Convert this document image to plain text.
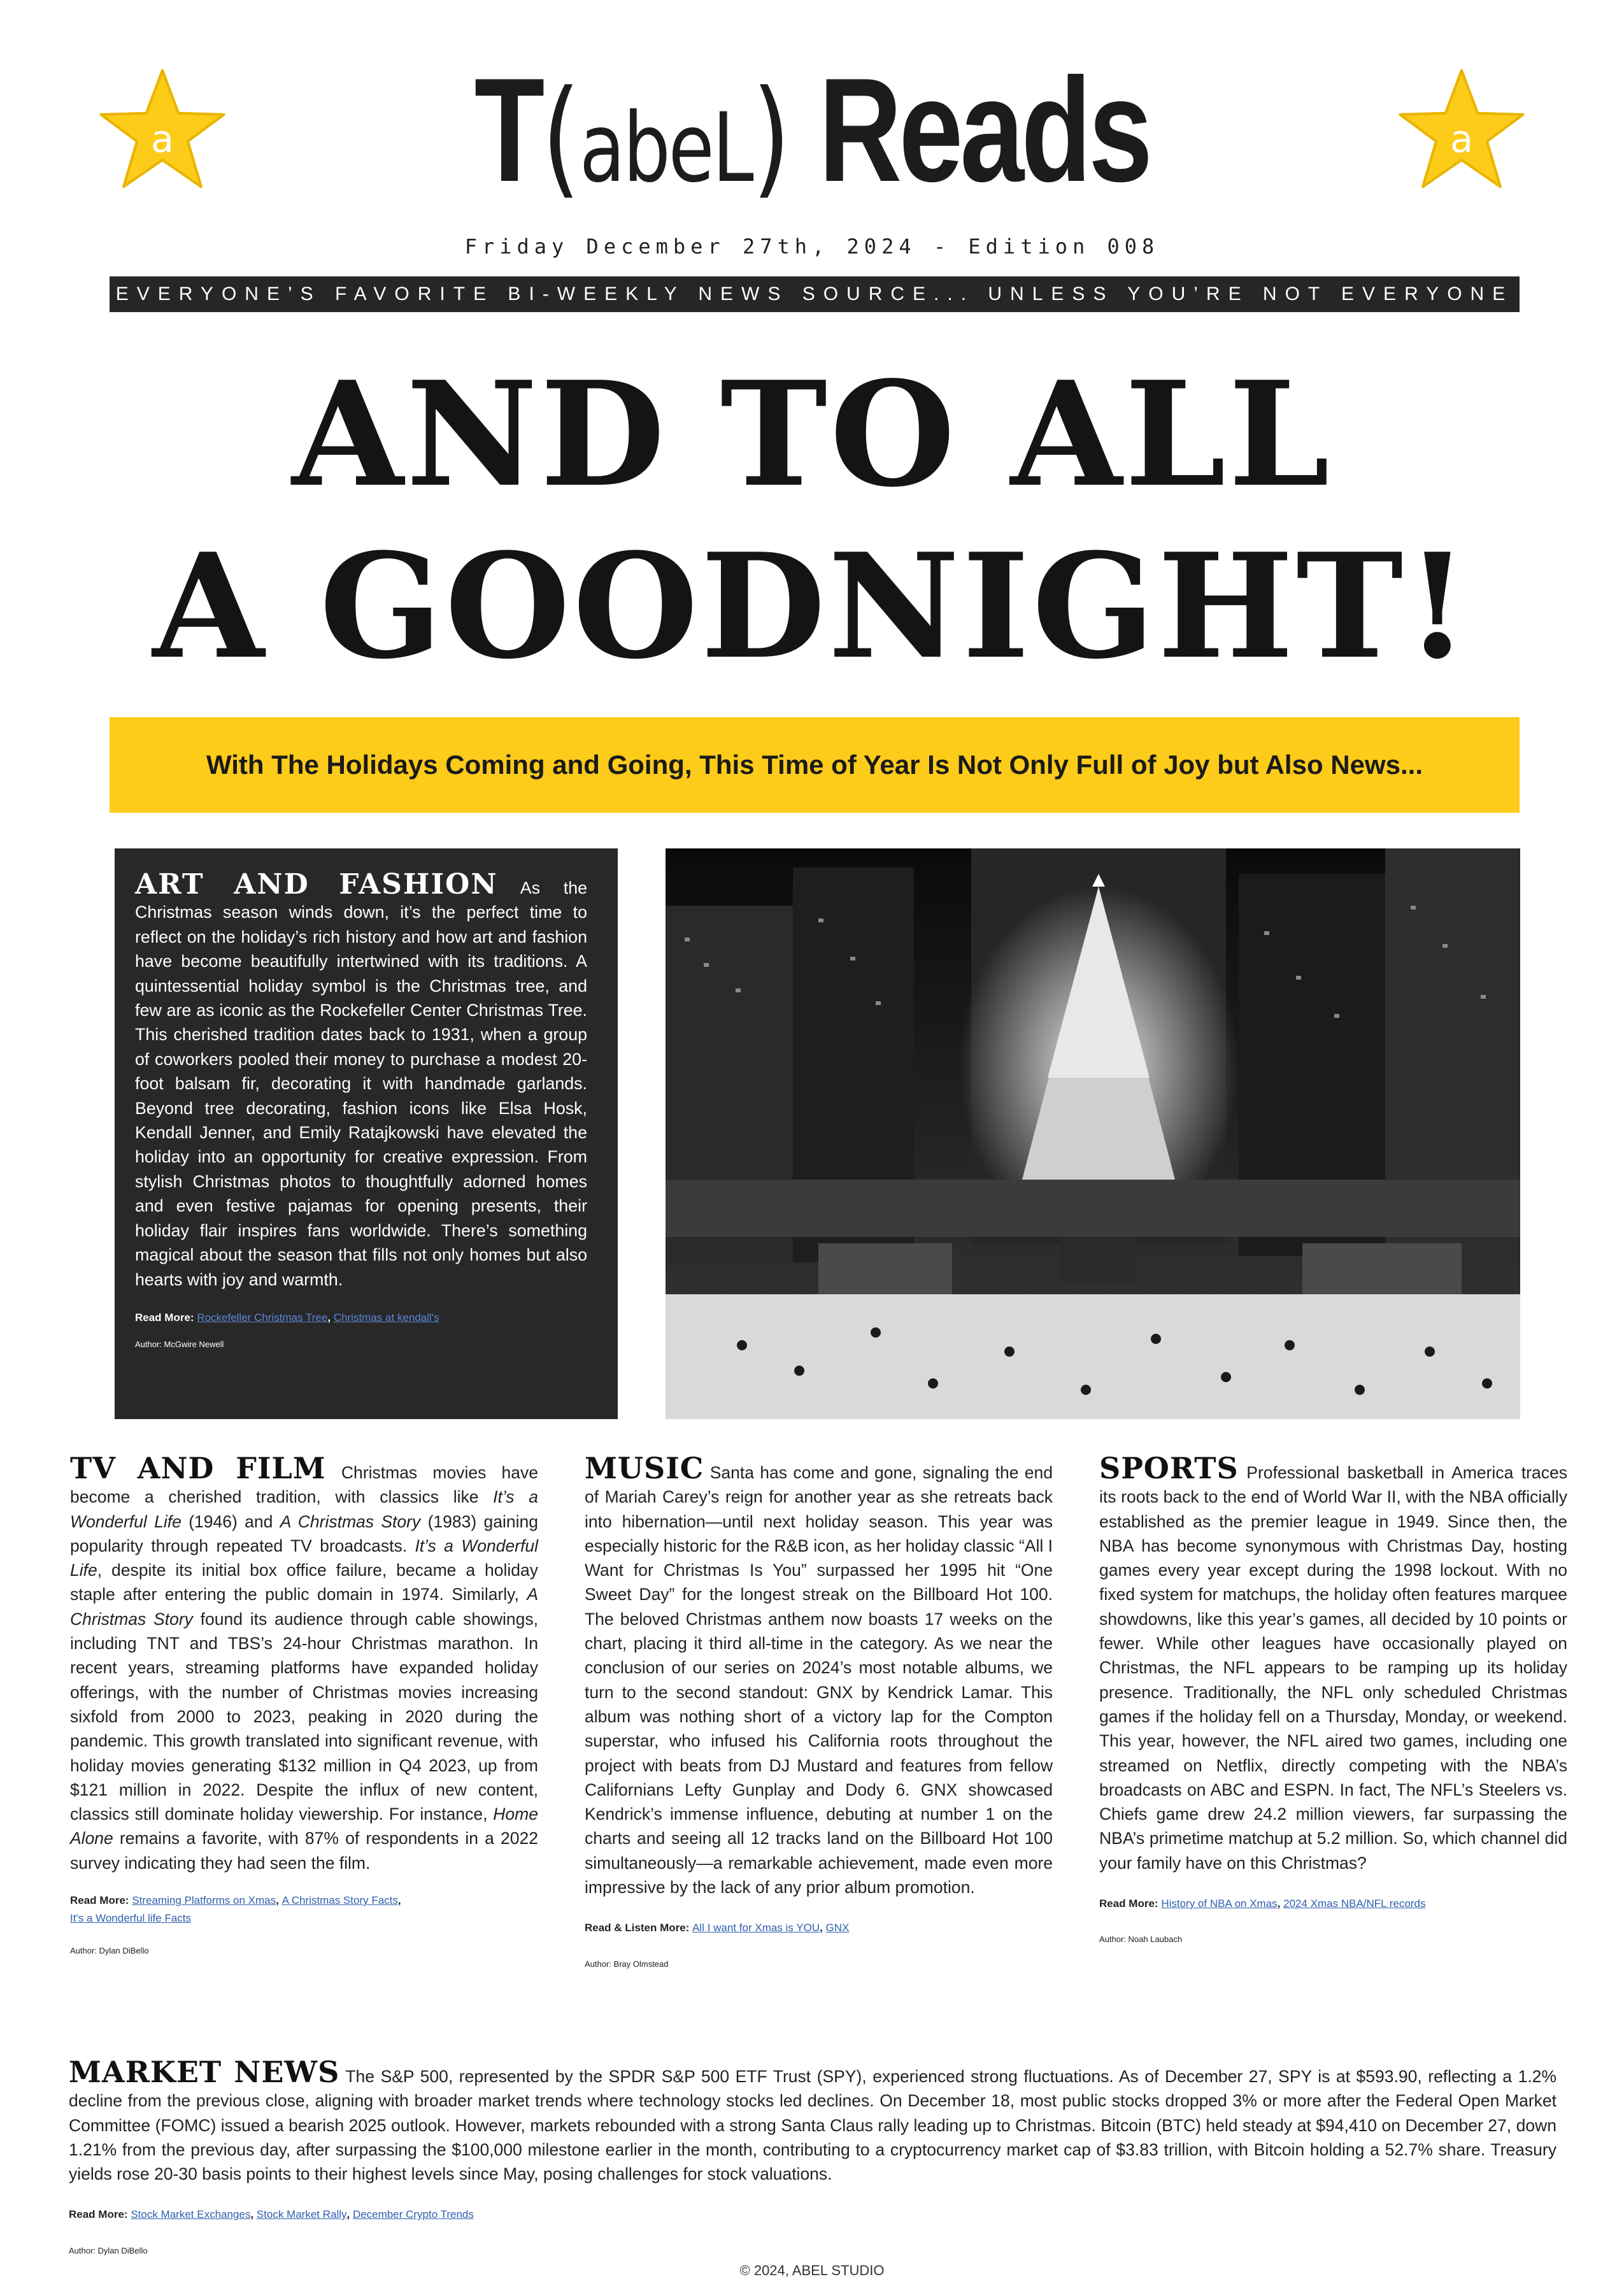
a	a
T(abeL) Reads
Friday December 27th, 2024 - Edition 008
EVERYONE’S FAVORITE BI-WEEKLY NEWS SOURCE... UNLESS YOU’RE NOT EVERYONE
AND TO ALL
A GOODNIGHT!
With The Holidays Coming and Going, This Time of Year Is Not Only Full of Joy but Also News...
ART AND FASHION As the Christmas season winds down, it’s the perfect time to reflect on the holiday’s rich history and how art and fashion have become beautifully intertwined with its traditions. A quintessential holiday symbol is the Christmas tree, and few are as iconic as the Rockefeller Center Christmas Tree. This cherished tradition dates back to 1931, when a group of coworkers pooled their money to purchase a modest 20-foot balsam fir, decorating it with handmade garlands. Beyond tree decorating, fashion icons like Elsa Hosk, Kendall Jenner, and Emily Ratajkowski have elevated the holiday into an opportunity for creative expression. From stylish Christmas photos to thoughtfully adorned homes and even festive pajamas for opening presents, their holiday flair inspires fans worldwide. There’s something magical about the season that fills not only homes but also hearts with joy and warmth.
Read More: Rockefeller Christmas Tree, Christmas at kendall's
Author: McGwire Newell
TV AND FILM Christmas movies have become a cherished tradition, with classics like It’s a Wonderful Life (1946) and A Christmas Story (1983) gaining popularity through repeated TV broadcasts. It’s a Wonderful Life, despite its initial box office failure, became a holiday staple after entering the public domain in 1974. Similarly, A Christmas Story found its audience through cable showings, including TNT and TBS’s 24-hour Christmas marathon. In recent years, streaming platforms have expanded holiday offerings, with the number of Christmas movies increasing sixfold from 2000 to 2023, peaking in 2020 during the pandemic. This growth translated into significant revenue, with holiday movies generating $132 million in Q4 2023, up from $121 million in 2022. Despite the influx of new content, classics still dominate holiday viewership. For instance, Home Alone remains a favorite, with 87% of respondents in a 2022 survey indicating they had seen the film.
Read More: Streaming Platforms on Xmas, A Christmas Story Facts,
It's a Wonderful life Facts
Author: Dylan DiBello
MUSIC Santa has come and gone, signaling the end of Mariah Carey’s reign for another year as she retreats back into hibernation—until next holiday season. This year was especially historic for the R&B icon, as her holiday classic “All I Want for Christmas Is You” surpassed her 1995 hit “One Sweet Day” for the longest streak on the Billboard Hot 100. The beloved Christmas anthem now boasts 17 weeks on the chart, placing it third all-time in the category. As we near the conclusion of our series on 2024’s most notable albums, we turn to the second standout: GNX by Kendrick Lamar. This album was nothing short of a victory lap for the Compton superstar, who infused his California roots throughout the project with beats from DJ Mustard and features from fellow Californians Lefty Gunplay and Dody 6. GNX showcased Kendrick’s immense influence, debuting at number 1 on the charts and seeing all 12 tracks land on the Billboard Hot 100 simultaneously—a remarkable achievement, made even more impressive by the lack of any prior album promotion.
Read & Listen More: All I want for Xmas is YOU, GNX
Author: Bray Olmstead
SPORTS Professional basketball in America traces its roots back to the end of World War II, with the NBA officially established as the premier league in 1949. Since then, the NBA has become synonymous with Christmas Day, hosting games every year except during the 1998 lockout. With no fixed system for matchups, the holiday often features marquee showdowns, like this year’s games, all decided by 10 points or fewer. While other leagues have occasionally played on Christmas, the NFL appears to be ramping up its holiday presence. Traditionally, the NFL only scheduled Christmas games if the holiday fell on a Thursday, Monday, or weekend. This year, however, the NFL aired two games, including one streamed on Netflix, directly competing with the NBA’s broadcasts on ABC and ESPN. In fact, The NFL’s Steelers vs. Chiefs game drew 24.2 million viewers, far surpassing the NBA’s primetime matchup at 5.2 million. So, which channel did your family have on this Christmas?
Read More: History of NBA on Xmas, 2024 Xmas NBA/NFL records
Author: Noah Laubach
MARKET NEWS The S&P 500, represented by the SPDR S&P 500 ETF Trust (SPY), experienced strong fluctuations. As of December 27, SPY is at $593.90, reflecting a 1.2% decline from the previous close, aligning with broader market trends where technology stocks led declines. On December 18, most public stocks dropped 3% or more after the Federal Open Market Committee (FOMC) issued a bearish 2025 outlook. However, markets rebounded with a strong Santa Claus rally leading up to Christmas. Bitcoin (BTC) held steady at $94,410 on December 27, down 1.21% from the previous day, after surpassing the $100,000 milestone earlier in the month, contributing to a cryptocurrency market cap of $3.83 trillion, with Bitcoin holding a 52.7% share. Treasury yields rose 20-30 basis points to their highest levels since May, posing challenges for stock valuations.
Read More: Stock Market Exchanges, Stock Market Rally, December Crypto Trends
Author: Dylan DiBello
© 2024, ABEL STUDIO
